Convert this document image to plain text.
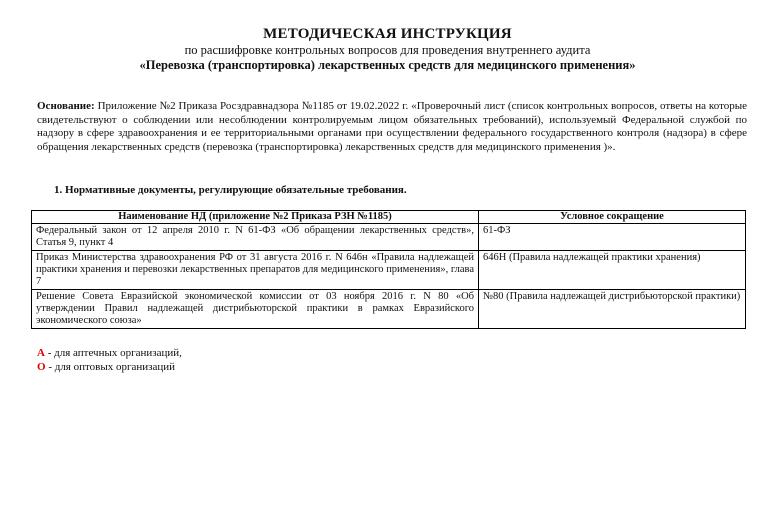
МЕТОДИЧЕСКАЯ ИНСТРУКЦИЯ
по расшифровке контрольных вопросов для проведения внутреннего аудита
«Перевозка (транспортировка) лекарственных средств для медицинского применения»
Основание: Приложение №2 Приказа Росздравнадзора №1185 от 19.02.2022 г. «Проверочный лист (список контрольных вопросов, ответы на которые свидетельствуют о соблюдении или несоблюдении контролируемым лицом обязательных требований), используемый Федеральной службой по надзору в сфере здравоохранения и ее территориальными органами при осуществлении федерального государственного контроля (надзора) в сфере обращения лекарственных средств (перевозка (транспортировка) лекарственных средств для медицинского применения )».
1. Нормативные документы, регулирующие обязательные требования.
Наименование НД (приложение №2 Приказа РЗН №1185)	Условное сокращение
Федеральный закон от 12 апреля 2010 г. N 61-ФЗ «Об обращении лекарственных средств», Статья 9, пункт 4	61-ФЗ
Приказ Министерства здравоохранения РФ от 31 августа 2016 г. N 646н «Правила надлежащей практики хранения и перевозки лекарственных препаратов для медицинского применения», глава 7	646Н (Правила надлежащей практики хранения)
Решение Совета Евразийской экономической комиссии от 03 ноября 2016 г. N 80 «Об утверждении Правил надлежащей дистрибьюторской практики в рамках Евразийского экономического союза»	№80 (Правила надлежащей дистрибьюторской практики)
А - для аптечных организаций,
О - для оптовых организаций
